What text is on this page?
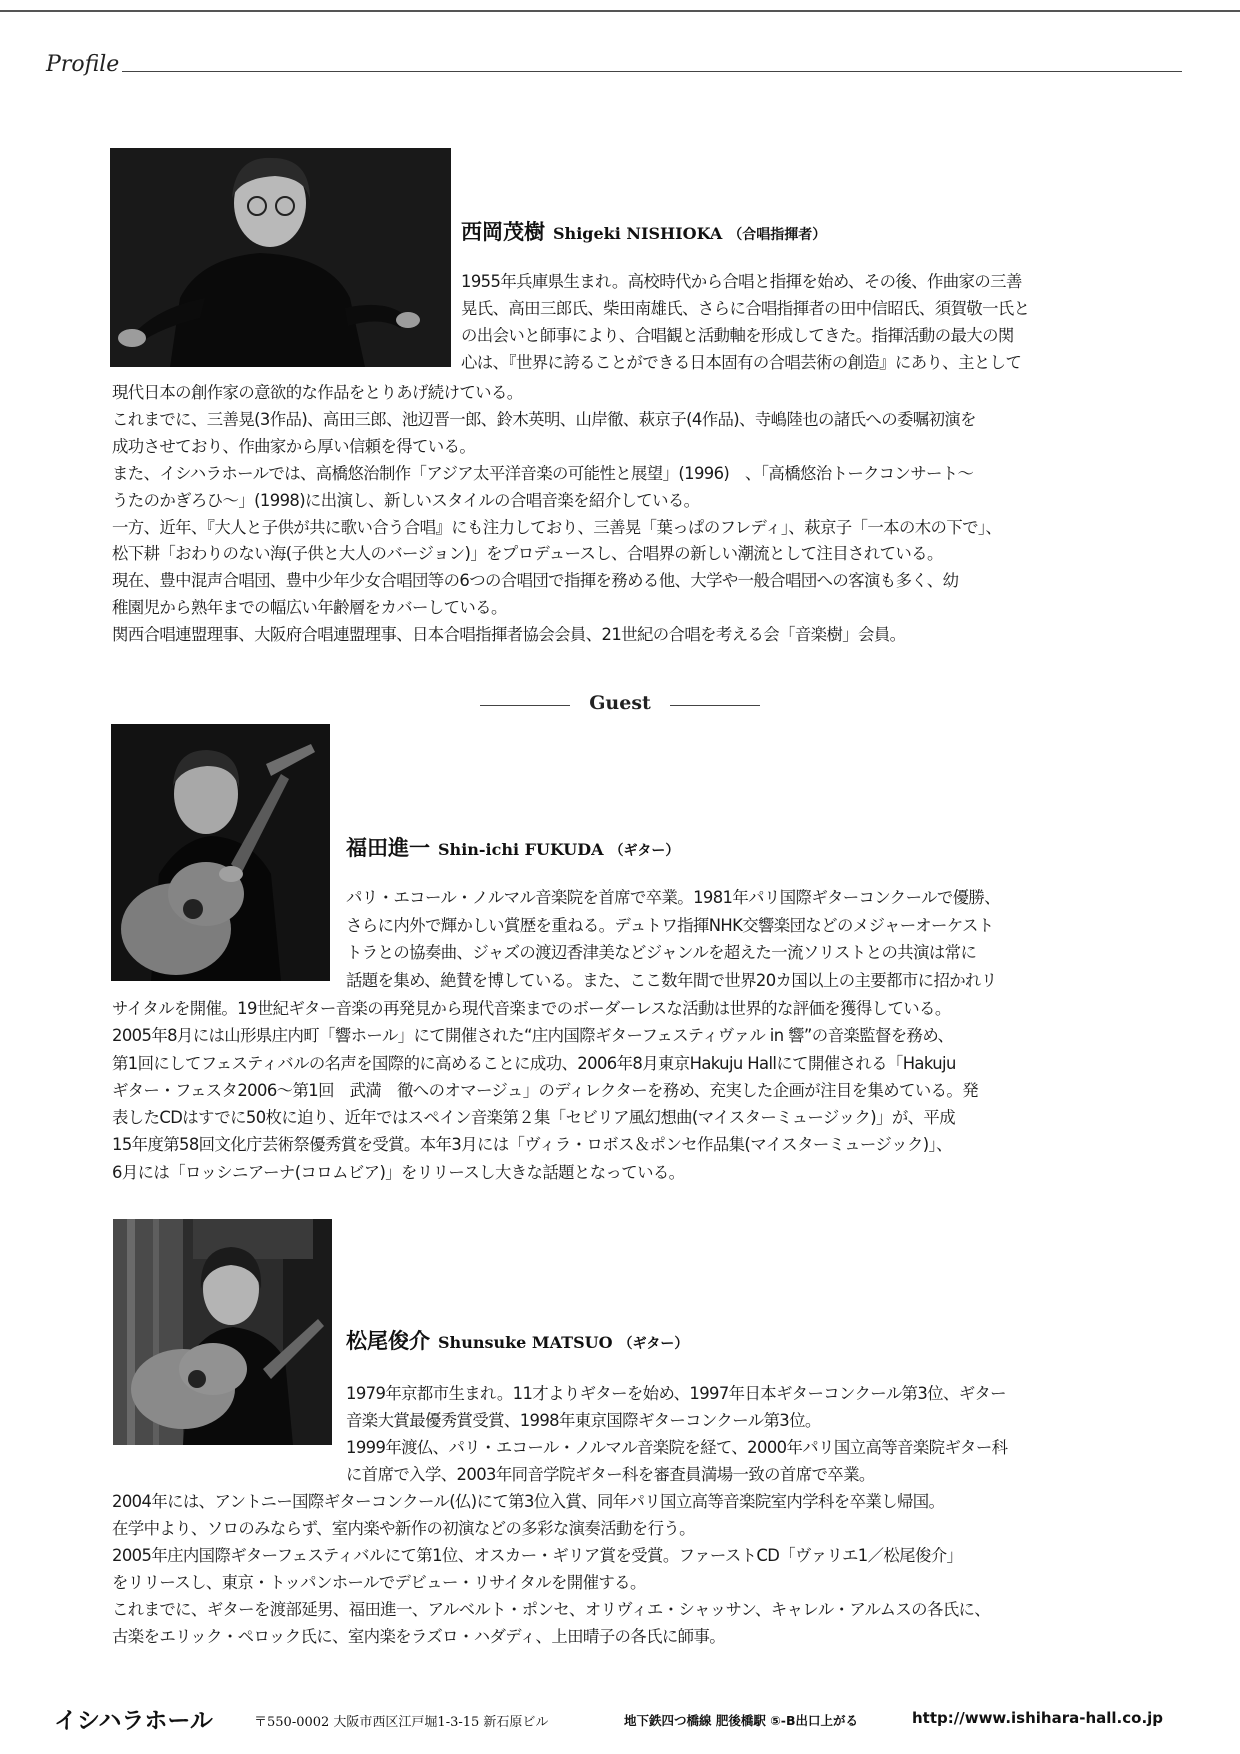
Profile
西岡茂樹 Shigeki NISHIOKA （合唱指揮者）
1955年兵庫県生まれ。高校時代から合唱と指揮を始め、その後、作曲家の三善
晃氏、高田三郎氏、柴田南雄氏、さらに合唱指揮者の田中信昭氏、須賀敬一氏と
の出会いと師事により、合唱観と活動軸を形成してきた。指揮活動の最大の関
心は、『世界に誇ることができる日本固有の合唱芸術の創造』にあり、主として
現代日本の創作家の意欲的な作品をとりあげ続けている。
これまでに、三善晃(3作品)、高田三郎、池辺晋一郎、鈴木英明、山岸徹、萩京子(4作品)、寺嶋陸也の諸氏への委嘱初演を
成功させており、作曲家から厚い信頼を得ている。
また、イシハラホールでは、高橋悠治制作「アジア太平洋音楽の可能性と展望」(1996)　、「高橋悠治トークコンサート〜
うたのかぎろひ〜」(1998)に出演し、新しいスタイルの合唱音楽を紹介している。
一方、近年、『大人と子供が共に歌い合う合唱』にも注力しており、三善晃「葉っぱのフレディ」、萩京子「一本の木の下で」、
松下耕「おわりのない海(子供と大人のバージョン)」をプロデュースし、合唱界の新しい潮流として注目されている。
現在、豊中混声合唱団、豊中少年少女合唱団等の6つの合唱団で指揮を務める他、大学や一般合唱団への客演も多く、幼
稚園児から熟年までの幅広い年齢層をカバーしている。
関西合唱連盟理事、大阪府合唱連盟理事、日本合唱指揮者協会会員、21世紀の合唱を考える会「音楽樹」会員。
Guest
福田進一 Shin-ichi FUKUDA （ギター）
パリ・エコール・ノルマル音楽院を首席で卒業。1981年パリ国際ギターコンクールで優勝、
さらに内外で輝かしい賞歴を重ねる。デュトワ指揮NHK交響楽団などのメジャーオーケスト
トラとの協奏曲、ジャズの渡辺香津美などジャンルを超えた一流ソリストとの共演は常に
話題を集め、絶賛を博している。また、ここ数年間で世界20カ国以上の主要都市に招かれリ
サイタルを開催。19世紀ギター音楽の再発見から現代音楽までのボーダーレスな活動は世界的な評価を獲得している。
2005年8月には山形県庄内町「響ホール」にて開催された“庄内国際ギターフェスティヴァル in 響”の音楽監督を務め、
第1回にしてフェスティバルの名声を国際的に高めることに成功、2006年8月東京Hakuju Hallにて開催される「Hakuju
ギター・フェスタ2006〜第1回　武満　徹へのオマージュ」のディレクターを務め、充実した企画が注目を集めている。発
表したCDはすでに50枚に迫り、近年ではスペイン音楽第２集「セビリア風幻想曲(マイスターミュージック)」が、平成
15年度第58回文化庁芸術祭優秀賞を受賞。本年3月には「ヴィラ・ロボス＆ポンセ作品集(マイスターミュージック)」、
6月には「ロッシニアーナ(コロムビア)」をリリースし大きな話題となっている。
松尾俊介 Shunsuke MATSUO （ギター）
1979年京都市生まれ。11才よりギターを始め、1997年日本ギターコンクール第3位、ギター
音楽大賞最優秀賞受賞、1998年東京国際ギターコンクール第3位。
1999年渡仏、パリ・エコール・ノルマル音楽院を経て、2000年パリ国立高等音楽院ギター科
に首席で入学、2003年同音学院ギター科を審査員満場一致の首席で卒業。
2004年には、アントニー国際ギターコンクール(仏)にて第3位入賞、同年パリ国立高等音楽院室内学科を卒業し帰国。
在学中より、ソロのみならず、室内楽や新作の初演などの多彩な演奏活動を行う。
2005年庄内国際ギターフェスティバルにて第1位、オスカー・ギリア賞を受賞。ファーストCD「ヴァリエ1／松尾俊介」
をリリースし、東京・トッパンホールでデビュー・リサイタルを開催する。
これまでに、ギターを渡部延男、福田進一、アルベルト・ポンセ、オリヴィエ・シャッサン、キャレル・アルムスの各氏に、
古楽をエリック・ペロック氏に、室内楽をラズロ・ハダディ、上田晴子の各氏に師事。
イシハラホール	〒550-0002 大阪市西区江戸堀1-3-15 新石原ビル	地下鉄四つ橋線 肥後橋駅 ⑤-B出口上がる	http://www.ishihara-hall.co.jp
